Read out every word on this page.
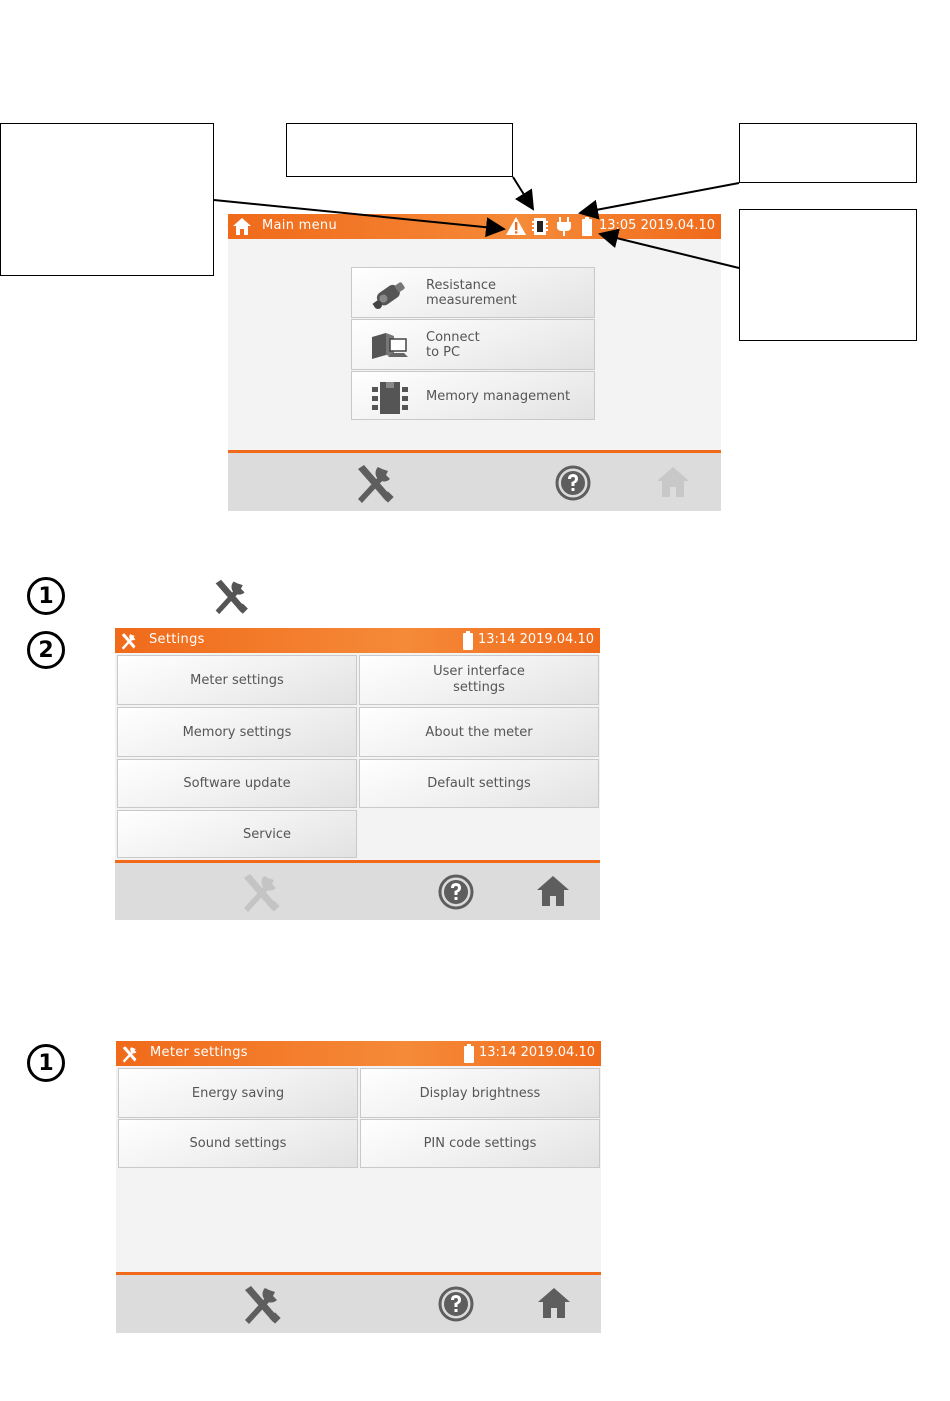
Main menu	13:05 2019.04.10
Resistance
measurement
Connect
to PC
Memory management
1
2	Settings	13:14 2019.04.10
Meter settings
User interface
settings
Memory settings	About the meter
Software update	Default settings
Service
1	Meter settings	13:14 2019.04.10
Energy saving	Display brightness
Sound settings	PIN code settings
